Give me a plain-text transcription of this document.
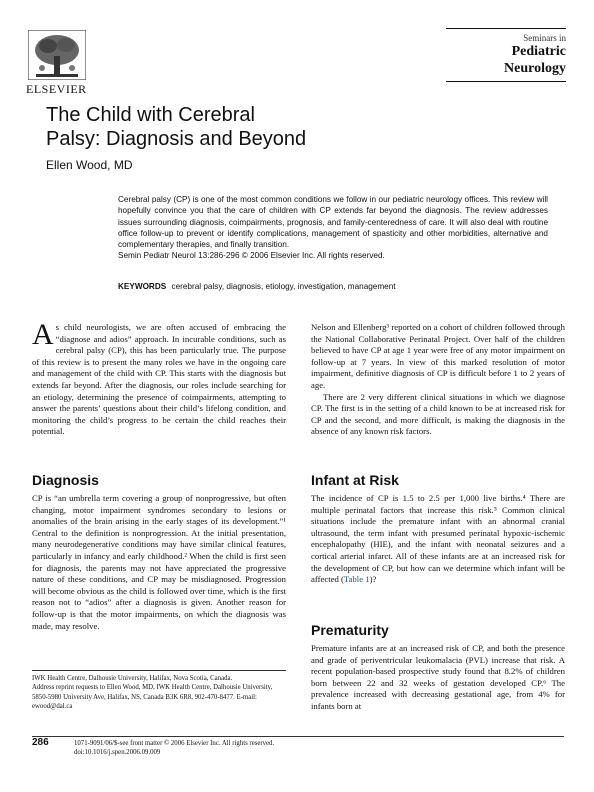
ELSEVIER
Seminars in
Pediatric
Neurology
The Child with Cerebral
Palsy: Diagnosis and Beyond
Ellen Wood, MD
Cerebral palsy (CP) is one of the most common conditions we follow in our pediatric neurology offices. This review will hopefully convince you that the care of children with CP extends far beyond the diagnosis. The review addresses issues surrounding diagnosis, coimpairments, prognosis, and family-centeredness of care. It will also deal with routine office follow-up to prevent or identify complications, management of spasticity and other morbidities, alternative and complementary therapies, and finally transition.
Semin Pediatr Neurol 13:286-296 © 2006 Elsevier Inc. All rights reserved.
KEYWORDS cerebral palsy, diagnosis, etiology, investigation, management

As child neurologists, we are often accused of embracing the “diagnose and adios” approach. In incurable conditions, such as cerebral palsy (CP), this has been particularly true. The purpose of this review is to present the many roles we have in the ongoing care and management of the child with CP. This starts with the diagnosis but extends far beyond. After the diagnosis, our roles include searching for an etiology, determining the presence of coimpairments, attempting to answer the parents’ questions about their child’s lifelong condition, and monitoring the child’s progress to be certain the child reaches their potential.

Diagnosis

CP is “an umbrella term covering a group of nonprogressive, but often changing, motor impairment syndromes secondary to lesions or anomalies of the brain arising in the early stages of its development.”¹ Central to the definition is nonprogression. At the initial presentation, many neurodegenerative conditions may have similar clinical features, particularly in infancy and early childhood.² When the child is first seen for diagnosis, the parents may not have appreciated the progressive nature of these conditions, and CP may be misdiagnosed. Progression will become obvious as the child is followed over time, which is the first reason not to “adios” after a diagnosis is given. Another reason for follow-up is that the motor impairments, on which the diagnosis was made, may resolve.

Nelson and Ellenberg³ reported on a cohort of children followed through the National Collaborative Perinatal Project. Over half of the children believed to have CP at age 1 year were free of any motor impairment on follow-up at 7 years. In view of this marked resolution of motor impairment, definitive diagnosis of CP is difficult before 1 to 2 years of age.

There are 2 very different clinical situations in which we diagnose CP. The first is in the setting of a child known to be at increased risk for CP and the second, and more difficult, is making the diagnosis in the absence of any known risk factors.

Infant at Risk

The incidence of CP is 1.5 to 2.5 per 1,000 live births.⁴ There are multiple perinatal factors that increase this risk.⁵ Common clinical situations include the premature infant with an abnormal cranial ultrasound, the term infant with presumed perinatal hypoxic-ischemic encephalopathy (HIE), and the infant with neonatal seizures and a cortical arterial infarct. All of these infants are at an increased risk for the development of CP, but how can we determine which infant will be affected (Table 1)?

Prematurity

Premature infants are at an increased risk of CP, and both the presence and grade of periventricular leukomalacia (PVL) increase that risk. A recent population-based prospective study found that 8.2% of children born between 22 and 32 weeks of gestation developed CP.⁶ The prevalence increased with decreasing gestational age, from 4% for infants born at

IWK Health Centre, Dalhousie University, Halifax, Nova Scotia, Canada.
Address reprint requests to Ellen Wood, MD, IWK Health Centre, Dalhousie University, 5850-5980 University Ave, Halifax, NS, Canada B3K 6R8, 902-470-8477. E-mail: ewood@dal.ca
286	1071-9091/06/$-see front matter © 2006 Elsevier Inc. All rights reserved.
doi:10.1016/j.spen.2006.09.009
